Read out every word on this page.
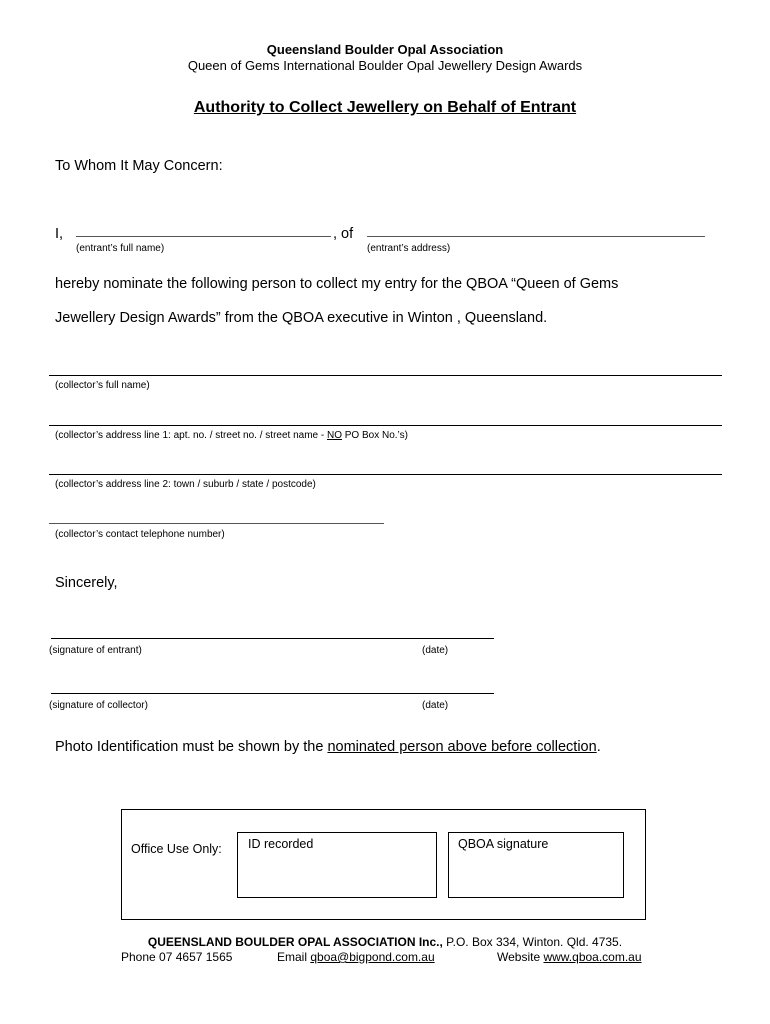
Queensland Boulder Opal Association
Queen of Gems International Boulder Opal Jewellery Design Awards
Authority to Collect Jewellery on Behalf of Entrant
To Whom It May Concern:
I,	, of
(entrant’s full name)	(entrant’s address)
hereby nominate the following person to collect my entry for the QBOA “Queen of Gems
Jewellery Design Awards” from the QBOA executive in Winton , Queensland.
(collector’s full name)
(collector’s address line 1: apt. no. / street no. / street name - NO PO Box No.’s)
(collector’s address line 2: town / suburb / state / postcode)
(collector’s contact telephone number)
Sincerely,
(signature of entrant)	(date)
(signature of collector)	(date)
Photo Identification must be shown by the nominated person above before collection.
Office Use Only: ID recorded	QBOA signature
QUEENSLAND BOULDER OPAL ASSOCIATION Inc., P.O. Box 334, Winton. Qld. 4735.
Phone 07 4657 1565	Email qboa@bigpond.com.au	Website www.qboa.com.au
